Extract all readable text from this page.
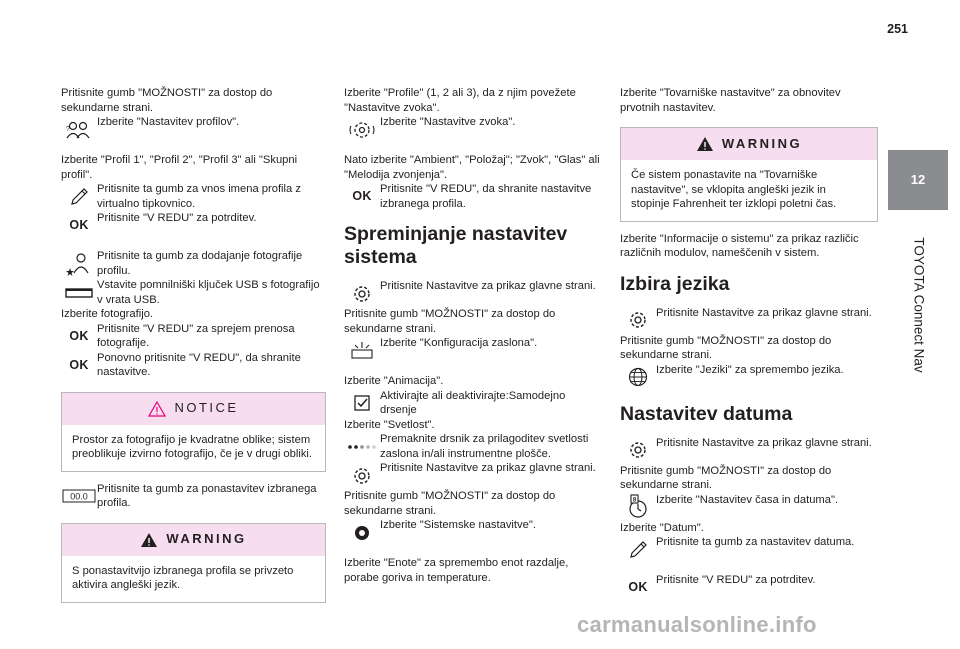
251
12
TOYOTA Connect Nav
Pritisnite gumb "MOŽNOSTI" za dostop do sekundarne strani.
?
Izberite "Nastavitev profilov".
Izberite "Profil 1", "Profil 2", "Profil 3" ali "Skupni profil".
Pritisnite ta gumb za vnos imena profila z virtualno tipkovnico.
OK
Pritisnite "V REDU" za potrditev.
Pritisnite ta gumb za dodajanje fotografije profilu.
Vstavite pomnilniški ključek USB s fotografijo v vrata USB.
Izberite fotografijo.
OK
Pritisnite "V REDU" za sprejem prenosa fotografije.
OK
Ponovno pritisnite "V REDU", da shranite nastavitve.
NOTICE
Prostor za fotografijo je kvadratne oblike; sistem preoblikuje izvirno fotografijo, če je v drugi obliki.
00.0
Pritisnite ta gumb za ponastavitev izbranega profila.
WARNING
S ponastavitvijo izbranega profila se privzeto aktivira angleški jezik.
Izberite "Profile" (1, 2 ali 3), da z njim povežete "Nastavitve zvoka".
Izberite "Nastavitve zvoka".
Nato izberite "Ambient", "Položaj"; "Zvok", "Glas" ali "Melodija zvonjenja".
OK
Pritisnite "V REDU", da shranite nastavitve izbranega profila.
Spreminjanje nastavitev sistema
Pritisnite Nastavitve za prikaz glavne strani.
Pritisnite gumb "MOŽNOSTI" za dostop do sekundarne strani.
Izberite "Konfiguracija zaslona".
Izberite "Animacija".
Aktivirajte ali deaktivirajte:Samodejno drsenje
Izberite "Svetlost".
Premaknite drsnik za prilagoditev svetlosti zaslona in/ali instrumentne plošče.
Pritisnite Nastavitve za prikaz glavne strani.
Pritisnite gumb "MOŽNOSTI" za dostop do sekundarne strani.
Izberite "Sistemske nastavitve".
Izberite "Enote" za spremembo enot razdalje, porabe goriva in temperature.
Izberite "Tovarniške nastavitve" za obnovitev prvotnih nastavitev.
WARNING
Če sistem ponastavite na "Tovarniške nastavitve", se vklopita angleški jezik in stopinje Fahrenheit ter izklopi poletni čas.
Izberite "Informacije o sistemu" za prikaz različic različnih modulov, nameščenih v sistem.
Izbira jezika
Pritisnite Nastavitve za prikaz glavne strani.
Pritisnite gumb "MOŽNOSTI" za dostop do sekundarne strani.
Izberite "Jeziki" za spremembo jezika.
Nastavitev datuma
Pritisnite Nastavitve za prikaz glavne strani.
Pritisnite gumb "MOŽNOSTI" za dostop do sekundarne strani.
8 Izberite "Nastavitev časa in datuma".
Izberite "Datum".
Pritisnite ta gumb za nastavitev datuma.
OK
Pritisnite "V REDU" za potrditev.
carmanualsonline.info
